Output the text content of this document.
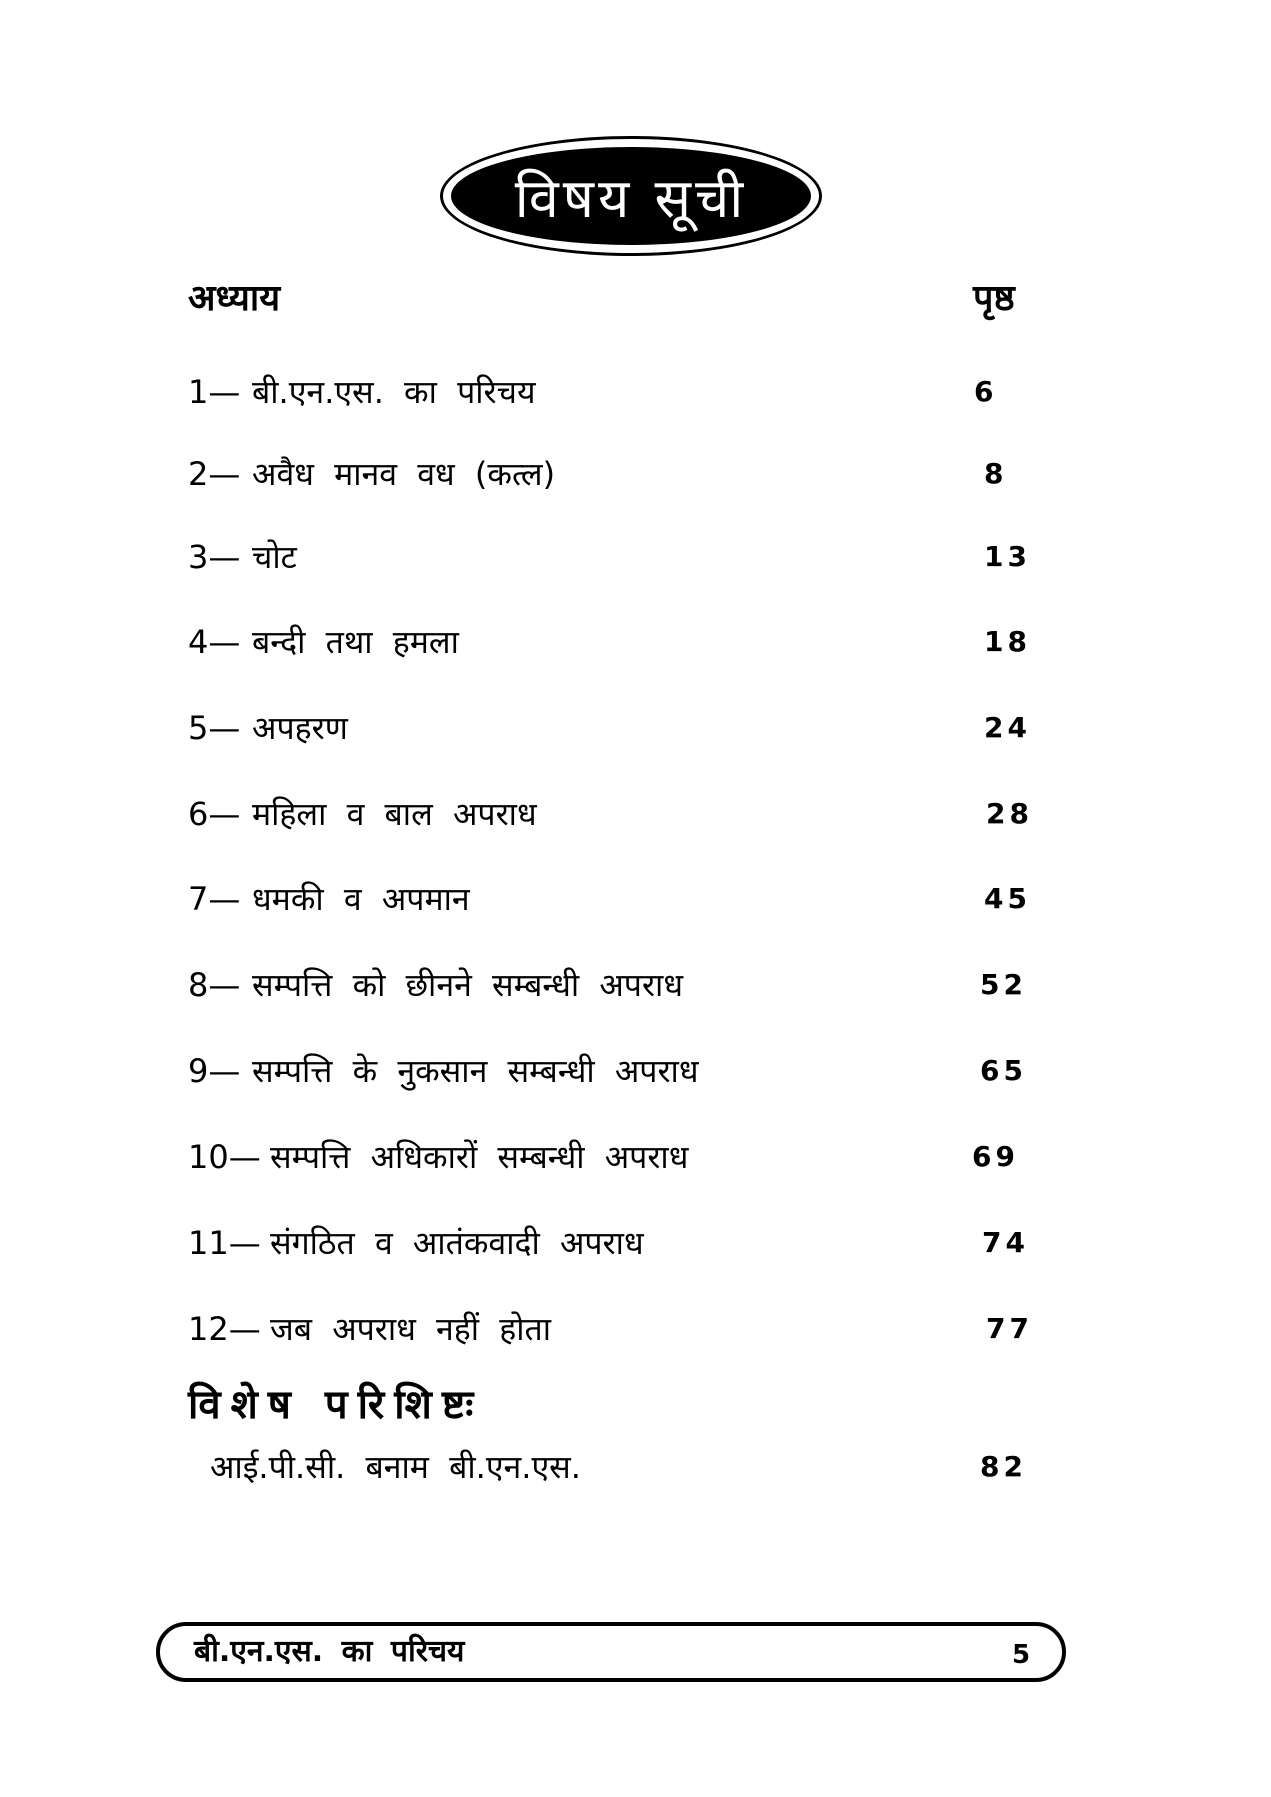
विषय सूची
अध्याय	पृष्ठ
1— बी.एन.एस. का परिचय	6
2— अवैध मानव वध (कत्ल)	8
3— चोट	13
4— बन्दी तथा हमला	18
5— अपहरण	24
6— महिला व बाल अपराध	28
7— धमकी व अपमान	45
8— सम्पत्ति को छीनने सम्बन्धी अपराध	52
9— सम्पत्ति के नुकसान सम्बन्धी अपराध	65
10— सम्पत्ति अधिकारों सम्बन्धी अपराध	69
11— संगठित व आतंकवादी अपराध	74
12— जब अपराध नहीं होता	77
विशेष परिशिष्टः
आई.पी.सी. बनाम बी.एन.एस.	82
बी.एन.एस. का परिचय	5
